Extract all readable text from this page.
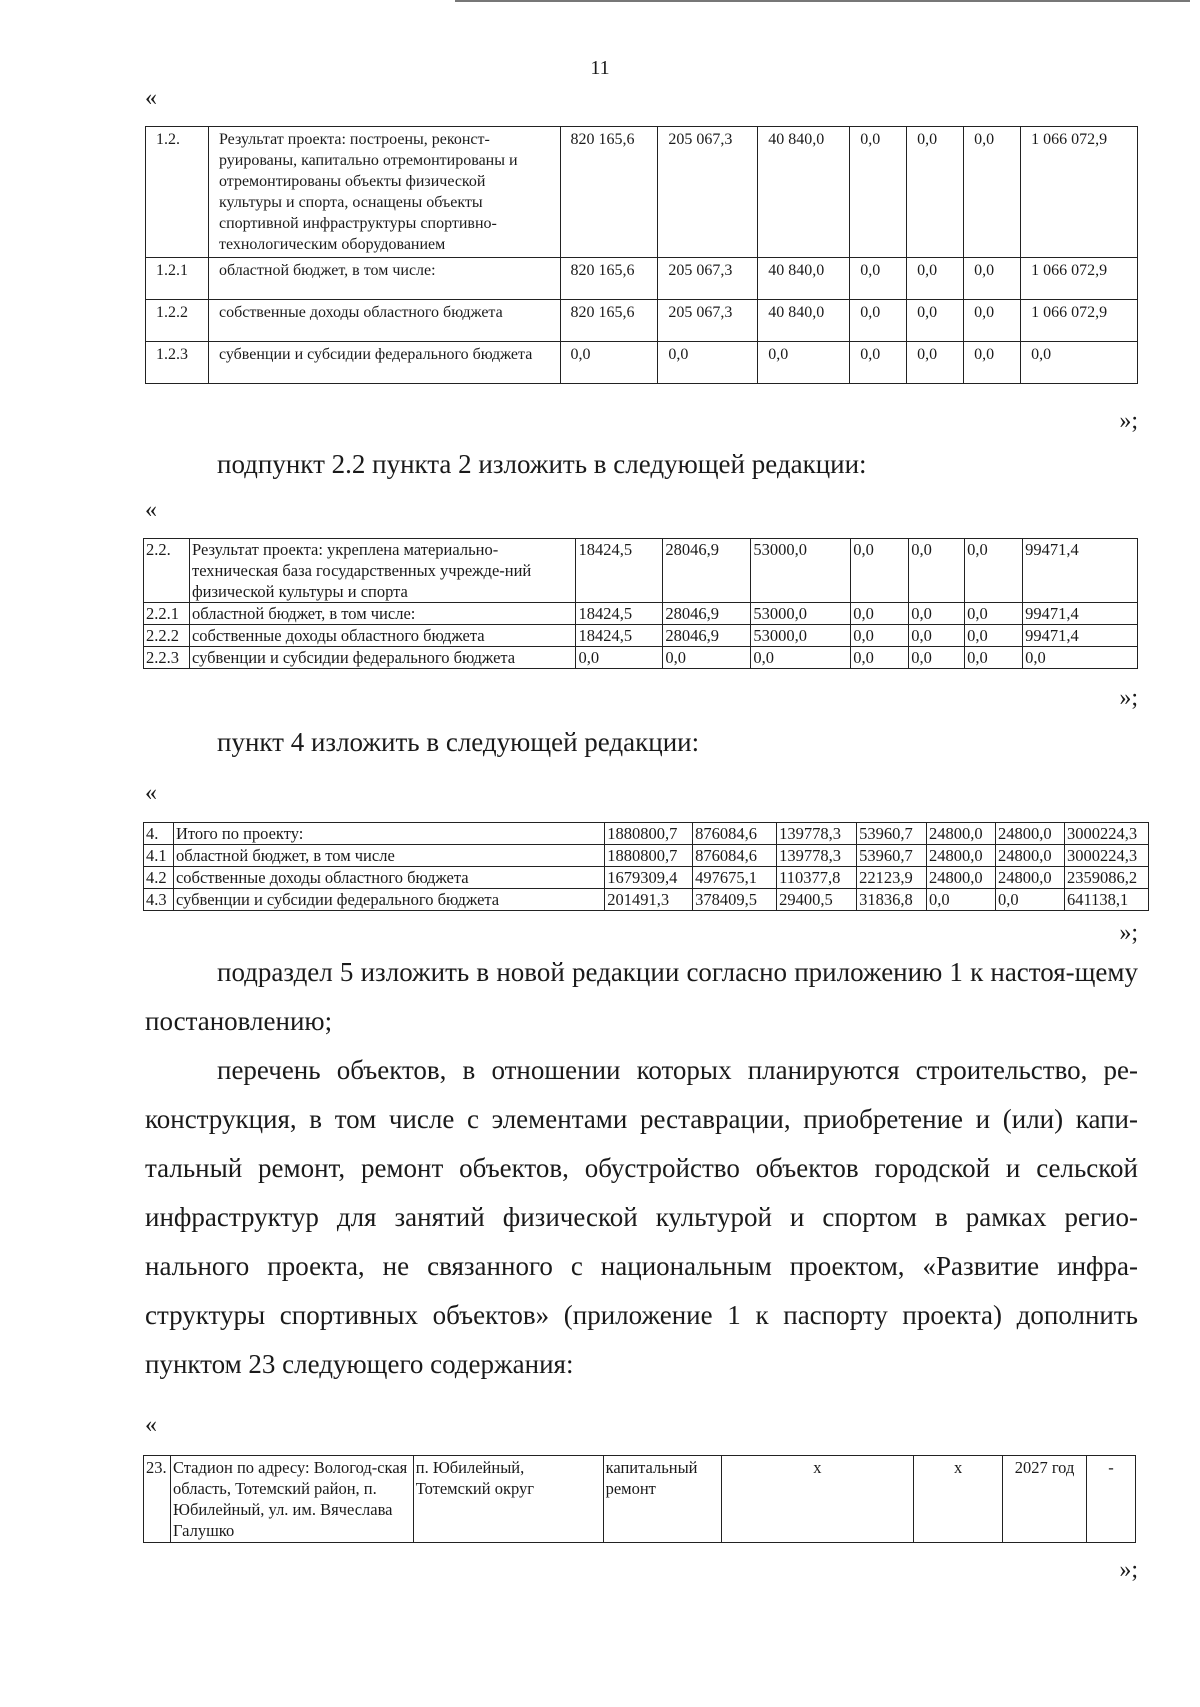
11
«
1.2.	Результат проекта: построены, реконст-руированы, капитально отремонтированы и отремонтированы объекты физической культуры и спорта, оснащены объекты спортивной инфраструктуры спортивно-технологическим оборудованием	820 165,6	205 067,3	40 840,0	0,0	0,0	0,0	1 066 072,9
1.2.1	областной бюджет, в том числе:	820 165,6	205 067,3	40 840,0	0,0	0,0	0,0	1 066 072,9
1.2.2	собственные доходы областного бюджета	820 165,6	205 067,3	40 840,0	0,0	0,0	0,0	1 066 072,9
1.2.3	субвенции и субсидии федерального бюджета	0,0	0,0	0,0	0,0	0,0	0,0	0,0
»;
подпункт 2.2 пункта 2 изложить в следующей редакции:
«
2.2.	Результат проекта: укреплена материально-техническая база государственных учрежде-ний физической культуры и спорта	18424,5	28046,9	53000,0	0,0	0,0	0,0	99471,4
2.2.1	областной бюджет, в том числе:	18424,5	28046,9	53000,0	0,0	0,0	0,0	99471,4
2.2.2	собственные доходы областного бюджета	18424,5	28046,9	53000,0	0,0	0,0	0,0	99471,4
2.2.3	субвенции и субсидии федерального бюджета	0,0	0,0	0,0	0,0	0,0	0,0	0,0
»;
пункт 4 изложить в следующей редакции:
«
4.	Итого по проекту:	1880800,7	876084,6	139778,3	53960,7	24800,0	24800,0	3000224,3
4.1	областной бюджет, в том числе	1880800,7	876084,6	139778,3	53960,7	24800,0	24800,0	3000224,3
4.2	собственные доходы областного бюджета	1679309,4	497675,1	110377,8	22123,9	24800,0	24800,0	2359086,2
4.3	субвенции и субсидии федерального бюджета	201491,3	378409,5	29400,5	31836,8	0,0	0,0	641138,1
»;
подраздел 5 изложить в новой редакции согласно приложению 1 к настоя-щему постановлению;
перечень объектов, в отношении которых планируются строительство, ре-
конструкция, в том числе с элементами реставрации, приобретение и (или) капи-
тальный ремонт, ремонт объектов, обустройство объектов городской и сельской
инфраструктур для занятий физической культурой и спортом в рамках регио-
нального проекта, не связанного с национальным проектом, «Развитие инфра-
структуры спортивных объектов» (приложение 1 к паспорту проекта) дополнить
пунктом 23 следующего содержания:
«
23.	Стадион по адресу: Вологод-ская область, Тотемский район, п. Юбилейный, ул. им. Вячеслава Галушко	п. Юбилейный, Тотемский округ	капитальный ремонт	х	х	2027 год	-
»;
